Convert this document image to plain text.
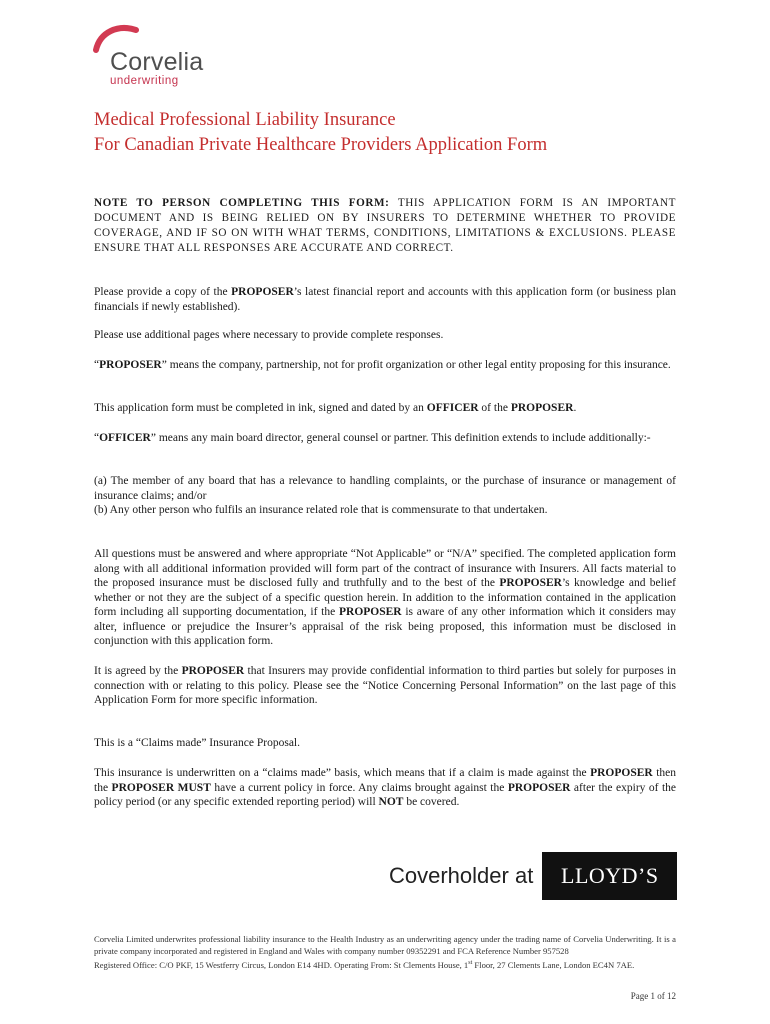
Corvelia
underwriting
Medical Professional Liability Insurance
For Canadian Private Healthcare Providers Application Form
NOTE TO PERSON COMPLETING THIS FORM: THIS APPLICATION FORM IS AN IMPORTANT DOCUMENT AND IS BEING RELIED ON BY INSURERS TO DETERMINE WHETHER TO PROVIDE COVERAGE, AND IF SO ON WITH WHAT TERMS, CONDITIONS, LIMITATIONS & EXCLUSIONS. PLEASE ENSURE THAT ALL RESPONSES ARE ACCURATE AND CORRECT.
Please provide a copy of the PROPOSER’s latest financial report and accounts with this application form (or business plan financials if newly established).
Please use additional pages where necessary to provide complete responses.
“PROPOSER” means the company, partnership, not for profit organization or other legal entity proposing for this insurance.
This application form must be completed in ink, signed and dated by an OFFICER of the PROPOSER.
“OFFICER” means any main board director, general counsel or partner. This definition extends to include additionally:-
(a) The member of any board that has a relevance to handling complaints, or the purchase of insurance or management of insurance claims; and/or
(b) Any other person who fulfils an insurance related role that is commensurate to that undertaken.
All questions must be answered and where appropriate “Not Applicable” or “N/A” specified. The completed application form along with all additional information provided will form part of the contract of insurance with Insurers. All facts material to the proposed insurance must be disclosed fully and truthfully and to the best of the PROPOSER’s knowledge and belief whether or not they are the subject of a specific question herein. In addition to the information contained in the application form including all supporting documentation, if the PROPOSER is aware of any other information which it considers may alter, influence or prejudice the Insurer’s appraisal of the risk being proposed, this information must be disclosed in conjunction with this application form.
It is agreed by the PROPOSER that Insurers may provide confidential information to third parties but solely for purposes in connection with or relating to this policy. Please see the “Notice Concerning Personal Information” on the last page of this Application Form for more specific information.
This is a “Claims made” Insurance Proposal.
This insurance is underwritten on a “claims made” basis, which means that if a claim is made against the PROPOSER then the PROPOSER MUST have a current policy in force. Any claims brought against the PROPOSER after the expiry of the policy period (or any specific extended reporting period) will NOT be covered.
Coverholder at	LLOYD’S
Corvelia Limited underwrites professional liability insurance to the Health Industry as an underwriting agency under the trading name of Corvelia Underwriting. It is a private company incorporated and registered in England and Wales with company number 09352291 and FCA Reference Number 957528
Registered Office: C/O PKF, 15 Westferry Circus, London E14 4HD. Operating From: St Clements House, 1st Floor, 27 Clements Lane, London EC4N 7AE.
Page 1 of 12
